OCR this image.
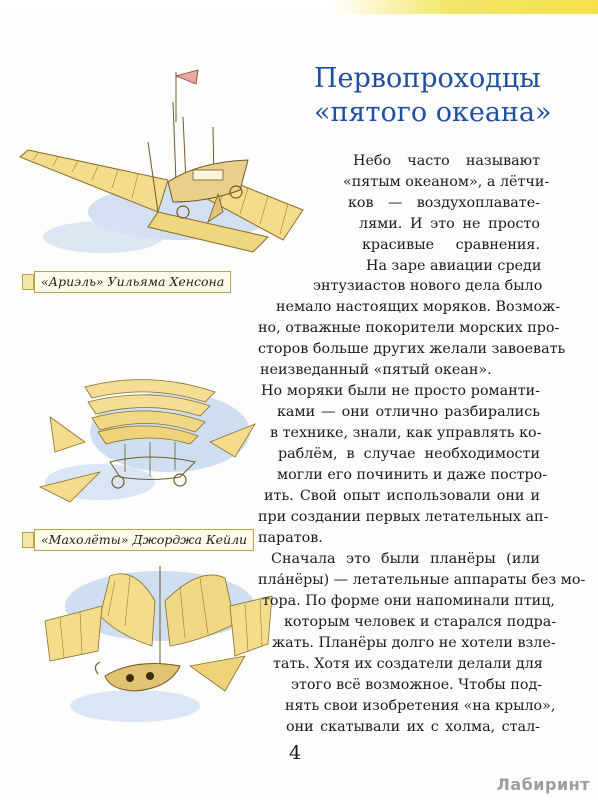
Первопроходцы
«пятого океана»
«Ариэль» Уильяма Хенсона
«Махолёты» Джорджа Кейли
Небо часто называют
«пятым океаном», а лётчи-
ков — воздухоплавате-
лями. И это не просто
красивые сравнения.
На заре авиации среди
энтузиастов нового дела было
немало настоящих моряков. Возмож-
но, отважные покорители морских про-
сторов больше других желали завоевать
неизведанный «пятый океан».
Но моряки были не просто романти-
ками — они отлично разбирались
в технике, знали, как управлять ко-
раблём, в случае необходимости
могли его починить и даже постро-
ить. Свой опыт использовали они и
при создании первых летательных ап-
паратов.
Сначала это были планёры (или
пла́нёры) — летательные аппараты без мо-
тора. По форме они напоминали птиц,
которым человек и старался подра-
жать. Планёры долго не хотели взле-
тать. Хотя их создатели делали для
этого всё возможное. Чтобы под-
нять свои изобретения «на крыло»,
они скатывали их с холма, стал-
4
Лабиринт
